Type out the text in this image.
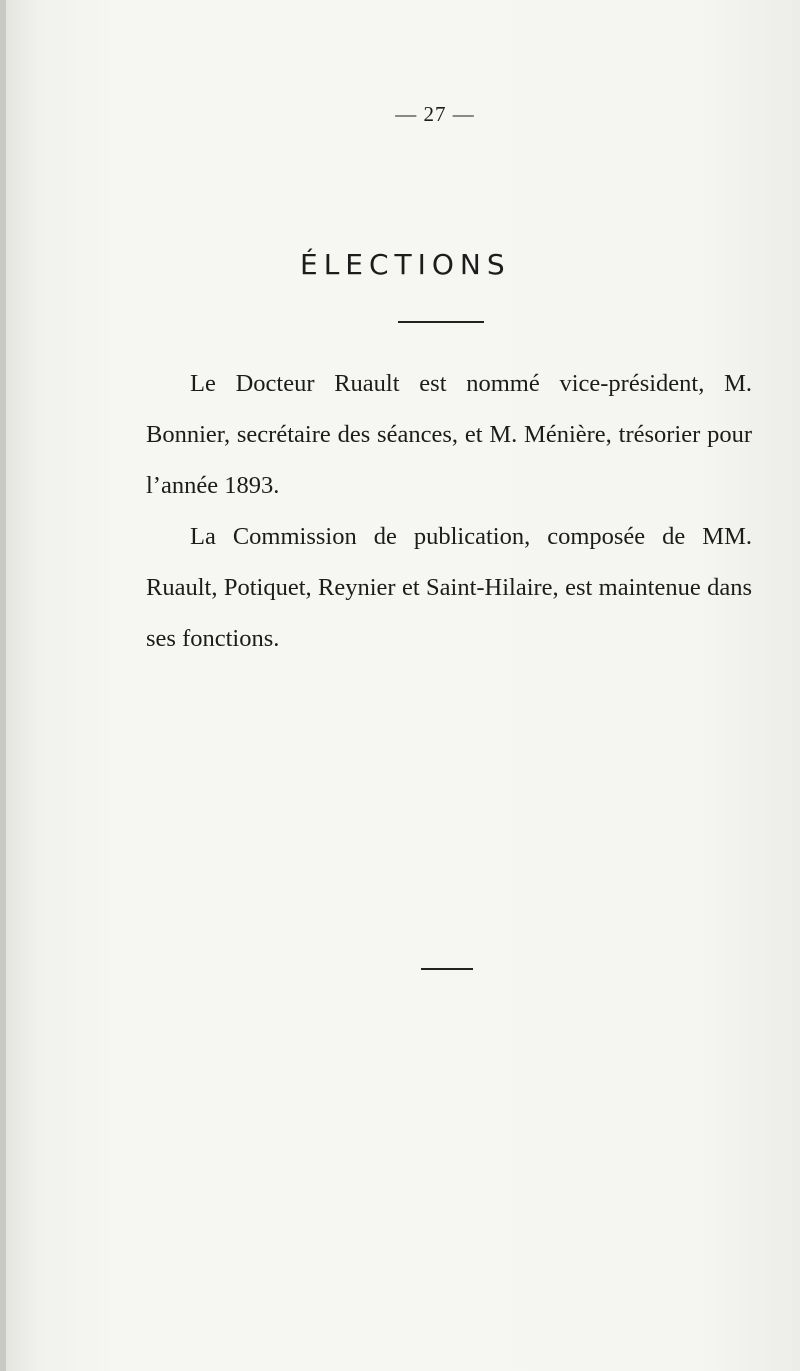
— 27 —
ÉLECTIONS

Le Docteur Ruault est nommé vice-président, M. Bonnier, secrétaire des séances, et M. Ménière, trésorier pour l’année 1893.

La Commission de publication, composée de MM. Ruault, Potiquet, Reynier et Saint-Hilaire, est maintenue dans ses fonctions.
